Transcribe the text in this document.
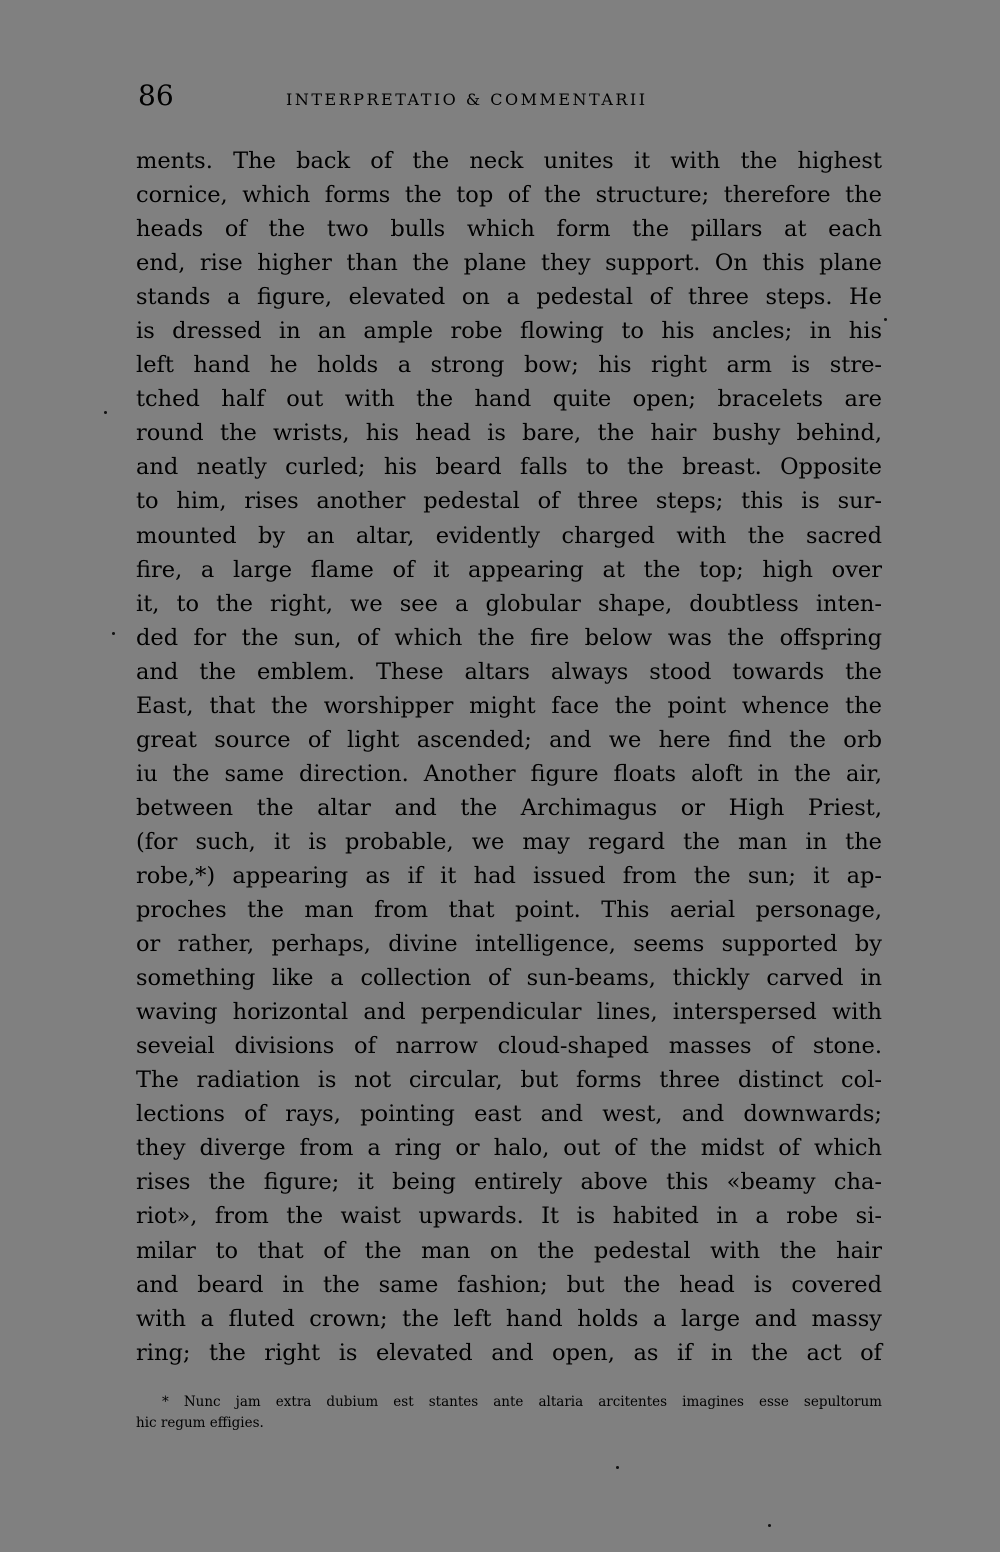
86	INTERPRETATIO & COMMENTARII
ments. The back of the neck unites it with the highest
cornice, which forms the top of the structure; therefore the
heads of the two bulls which form the pillars at each
end, rise higher than the plane they support. On this plane
stands a figure, elevated on a pedestal of three steps. He
is dressed in an ample robe flowing to his ancles; in his
left hand he holds a strong bow; his right arm is stre-
tched half out with the hand quite open; bracelets are
round the wrists, his head is bare, the hair bushy behind,
and neatly curled; his beard falls to the breast. Opposite
to him, rises another pedestal of three steps; this is sur-
mounted by an altar, evidently charged with the sacred
fire, a large flame of it appearing at the top; high over
it, to the right, we see a globular shape, doubtless inten-
ded for the sun, of which the fire below was the offspring
and the emblem. These altars always stood towards the
East, that the worshipper might face the point whence the
great source of light ascended; and we here find the orb
iu the same direction. Another figure floats aloft in the air,
between the altar and the Archimagus or High Priest,
(for such, it is probable, we may regard the man in the
robe,*) appearing as if it had issued from the sun; it ap-
proches the man from that point. This aerial personage,
or rather, perhaps, divine intelligence, seems supported by
something like a collection of sun-beams, thickly carved in
waving horizontal and perpendicular lines, interspersed with
seveial divisions of narrow cloud-shaped masses of stone.
The radiation is not circular, but forms three distinct col-
lections of rays, pointing east and west, and downwards;
they diverge from a ring or halo, out of the midst of which
rises the figure; it being entirely above this «beamy cha-
riot», from the waist upwards. It is habited in a robe si-
milar to that of the man on the pedestal with the hair
and beard in the same fashion; but the head is covered
with a fluted crown; the left hand holds a large and massy
ring; the right is elevated and open, as if in the act of
* Nunc jam extra dubium est stantes ante altaria arcitentes imagines esse sepultorum
hic regum effigies.
